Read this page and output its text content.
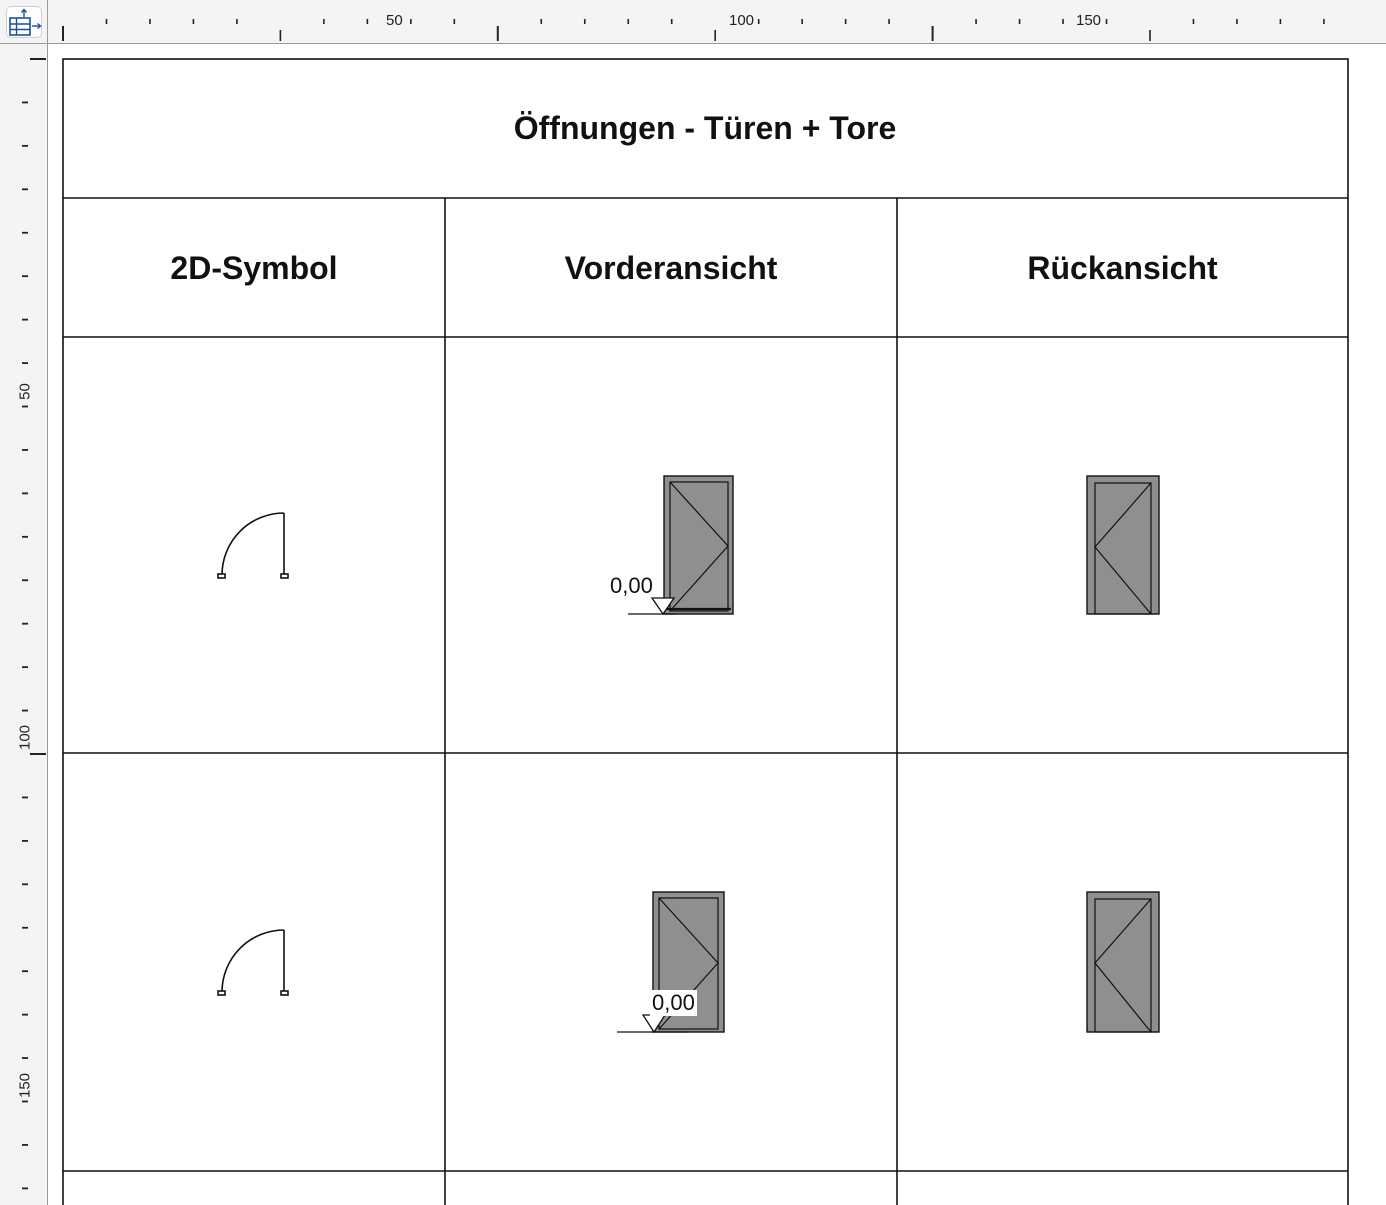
50	100	150
50
100
150
Öffnungen - Türen + Tore
2D-Symbol	Vorderansicht	Rückansicht
0,00
0,00
